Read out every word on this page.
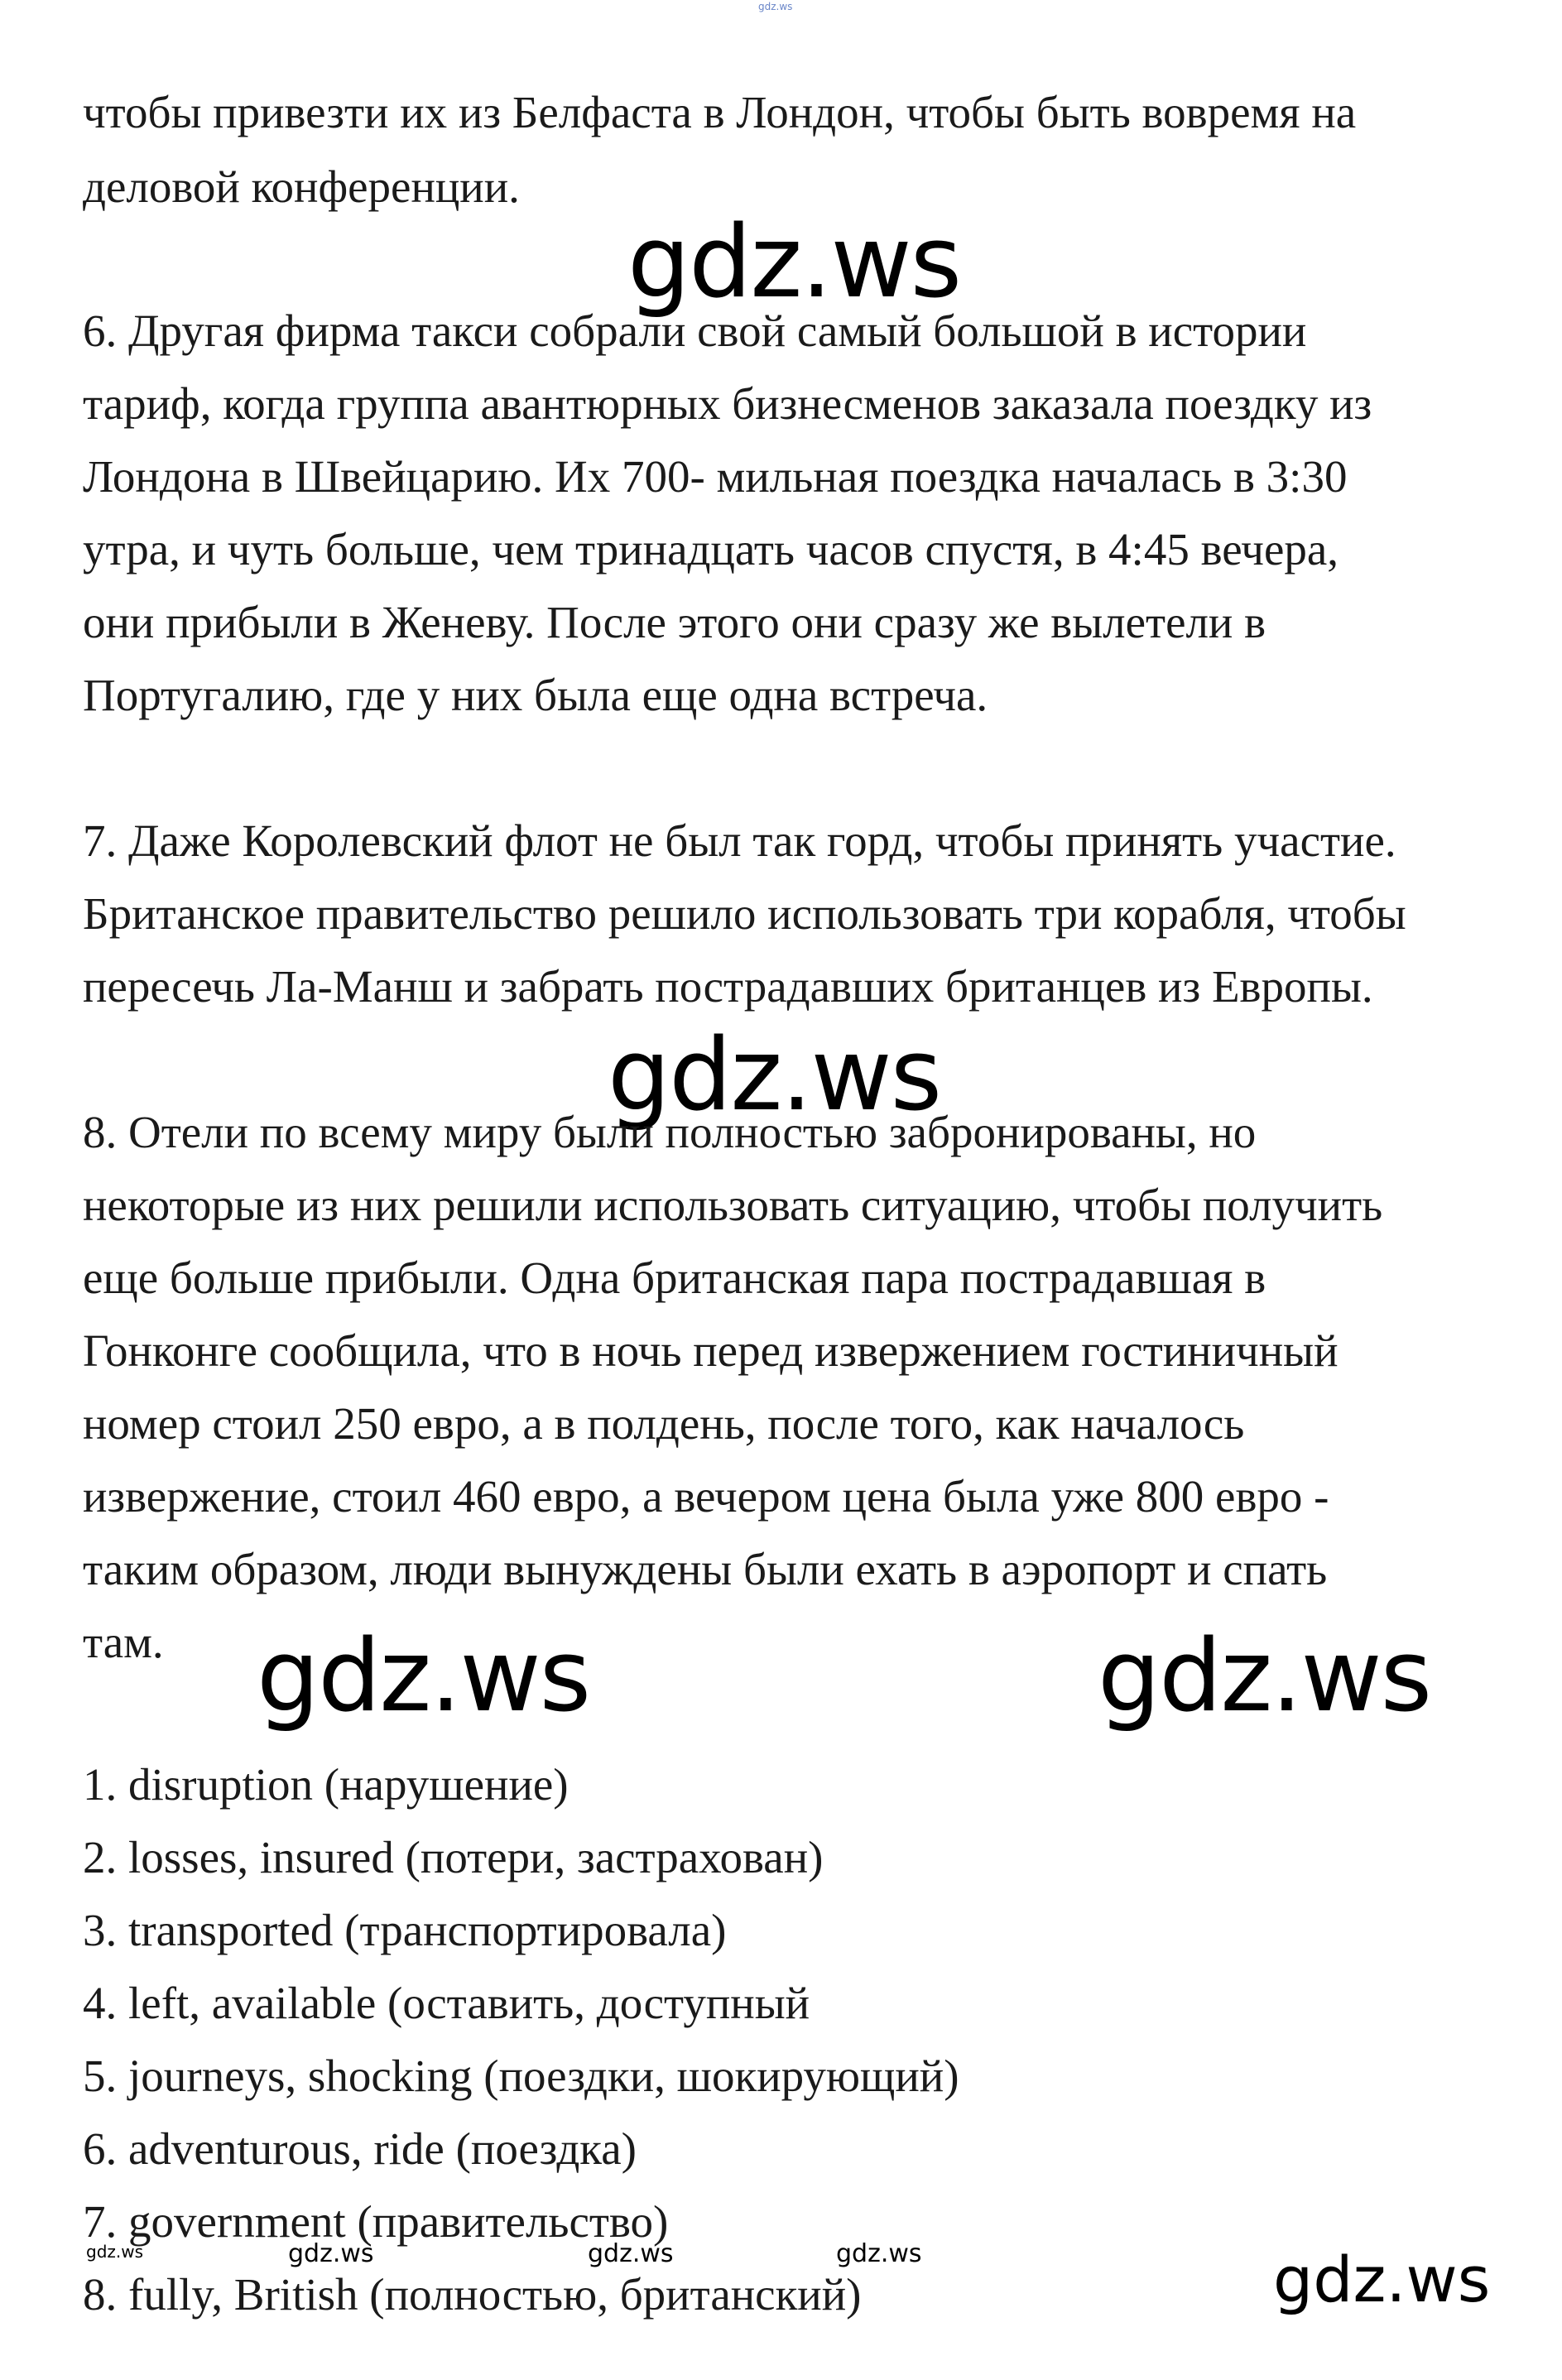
gdz.ws
чтобы привезти их из Белфаста в Лондон, чтобы быть вовремя на
деловой конференции.
gdz.ws
6. Другая фирма такси собрали свой самый большой в истории
тариф, когда группа авантюрных бизнесменов заказала поездку из
Лондона в Швейцарию. Их 700- мильная поездка началась в 3:30
утра, и чуть больше, чем тринадцать часов спустя, в 4:45 вечера,
они прибыли в Женеву. После этого они сразу же вылетели в
Португалию, где у них была еще одна встреча.
7. Даже Королевский флот не был так горд, чтобы принять участие.
Британское правительство решило использовать три корабля, чтобы
пересечь Ла-Манш и забрать пострадавших британцев из Европы.
gdz.ws
8. Отели по всему миру были полностью забронированы, но
некоторые из них решили использовать ситуацию, чтобы получить
еще больше прибыли. Одна британская пара пострадавшая в
Гонконге сообщила, что в ночь перед извержением гостиничный
номер стоил 250 евро, а в полдень, после того, как началось
извержение, стоил 460 евро, а вечером цена была уже 800 евро -
таким образом, люди вынуждены были ехать в аэропорт и спать
там. gdz.ws	gdz.ws
1. disruption (нарушение)
2. losses, insured (потери, застрахован)
3. transported (транспортировала)
4. left, available (оставить, доступный
5. journeys, shocking (поездки, шокирующий)
6. adventurous, ride (поездка)
7. government (правительство)
gdz.ws	gdz.ws	gdz.ws	gdz.ws
8. fully, British (полностью, британский)	gdz.ws
